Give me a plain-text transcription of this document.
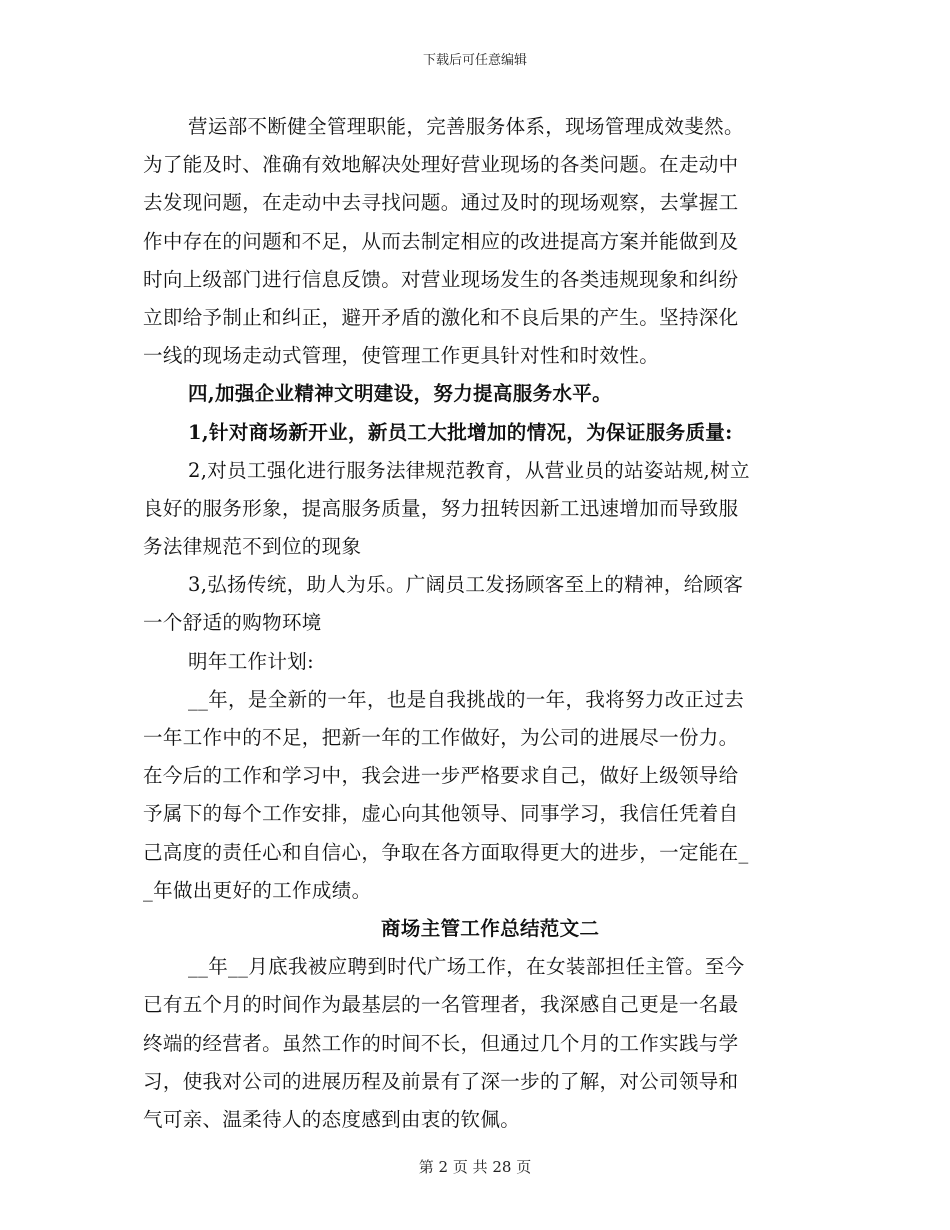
下载后可任意编辑
营运部不断健全管理职能，完善服务体系，现场管理成效斐然。
为了能及时、准确有效地解决处理好营业现场的各类问题。在走动中
去发现问题，在走动中去寻找问题。通过及时的现场观察，去掌握工
作中存在的问题和不足，从而去制定相应的改进提高方案并能做到及
时向上级部门进行信息反馈。对营业现场发生的各类违规现象和纠纷
立即给予制止和纠正，避开矛盾的激化和不良后果的产生。坚持深化
一线的现场走动式管理，使管理工作更具针对性和时效性。
四,加强企业精神文明建设，努力提高服务水平。
1,针对商场新开业，新员工大批增加的情况，为保证服务质量:
2,对员工强化进行服务法律规范教育，从营业员的站姿站规,树立
良好的服务形象，提高服务质量，努力扭转因新工迅速增加而导致服
务法律规范不到位的现象
3,弘扬传统，助人为乐。广阔员工发扬顾客至上的精神，给顾客
一个舒适的购物环境
明年工作计划:
__年，是全新的一年，也是自我挑战的一年，我将努力改正过去
一年工作中的不足，把新一年的工作做好，为公司的进展尽一份力。
在今后的工作和学习中，我会进一步严格要求自己，做好上级领导给
予属下的每个工作安排，虚心向其他领导、同事学习，我信任凭着自
己高度的责任心和自信心，争取在各方面取得更大的进步，一定能在_
_年做出更好的工作成绩。
商场主管工作总结范文二
__年__月底我被应聘到时代广场工作，在女装部担任主管。至今
已有五个月的时间作为最基层的一名管理者，我深感自己更是一名最
终端的经营者。虽然工作的时间不长，但通过几个月的工作实践与学
习，使我对公司的进展历程及前景有了深一步的了解，对公司领导和
气可亲、温柔待人的态度感到由衷的钦佩。
第 2 页 共 28 页
